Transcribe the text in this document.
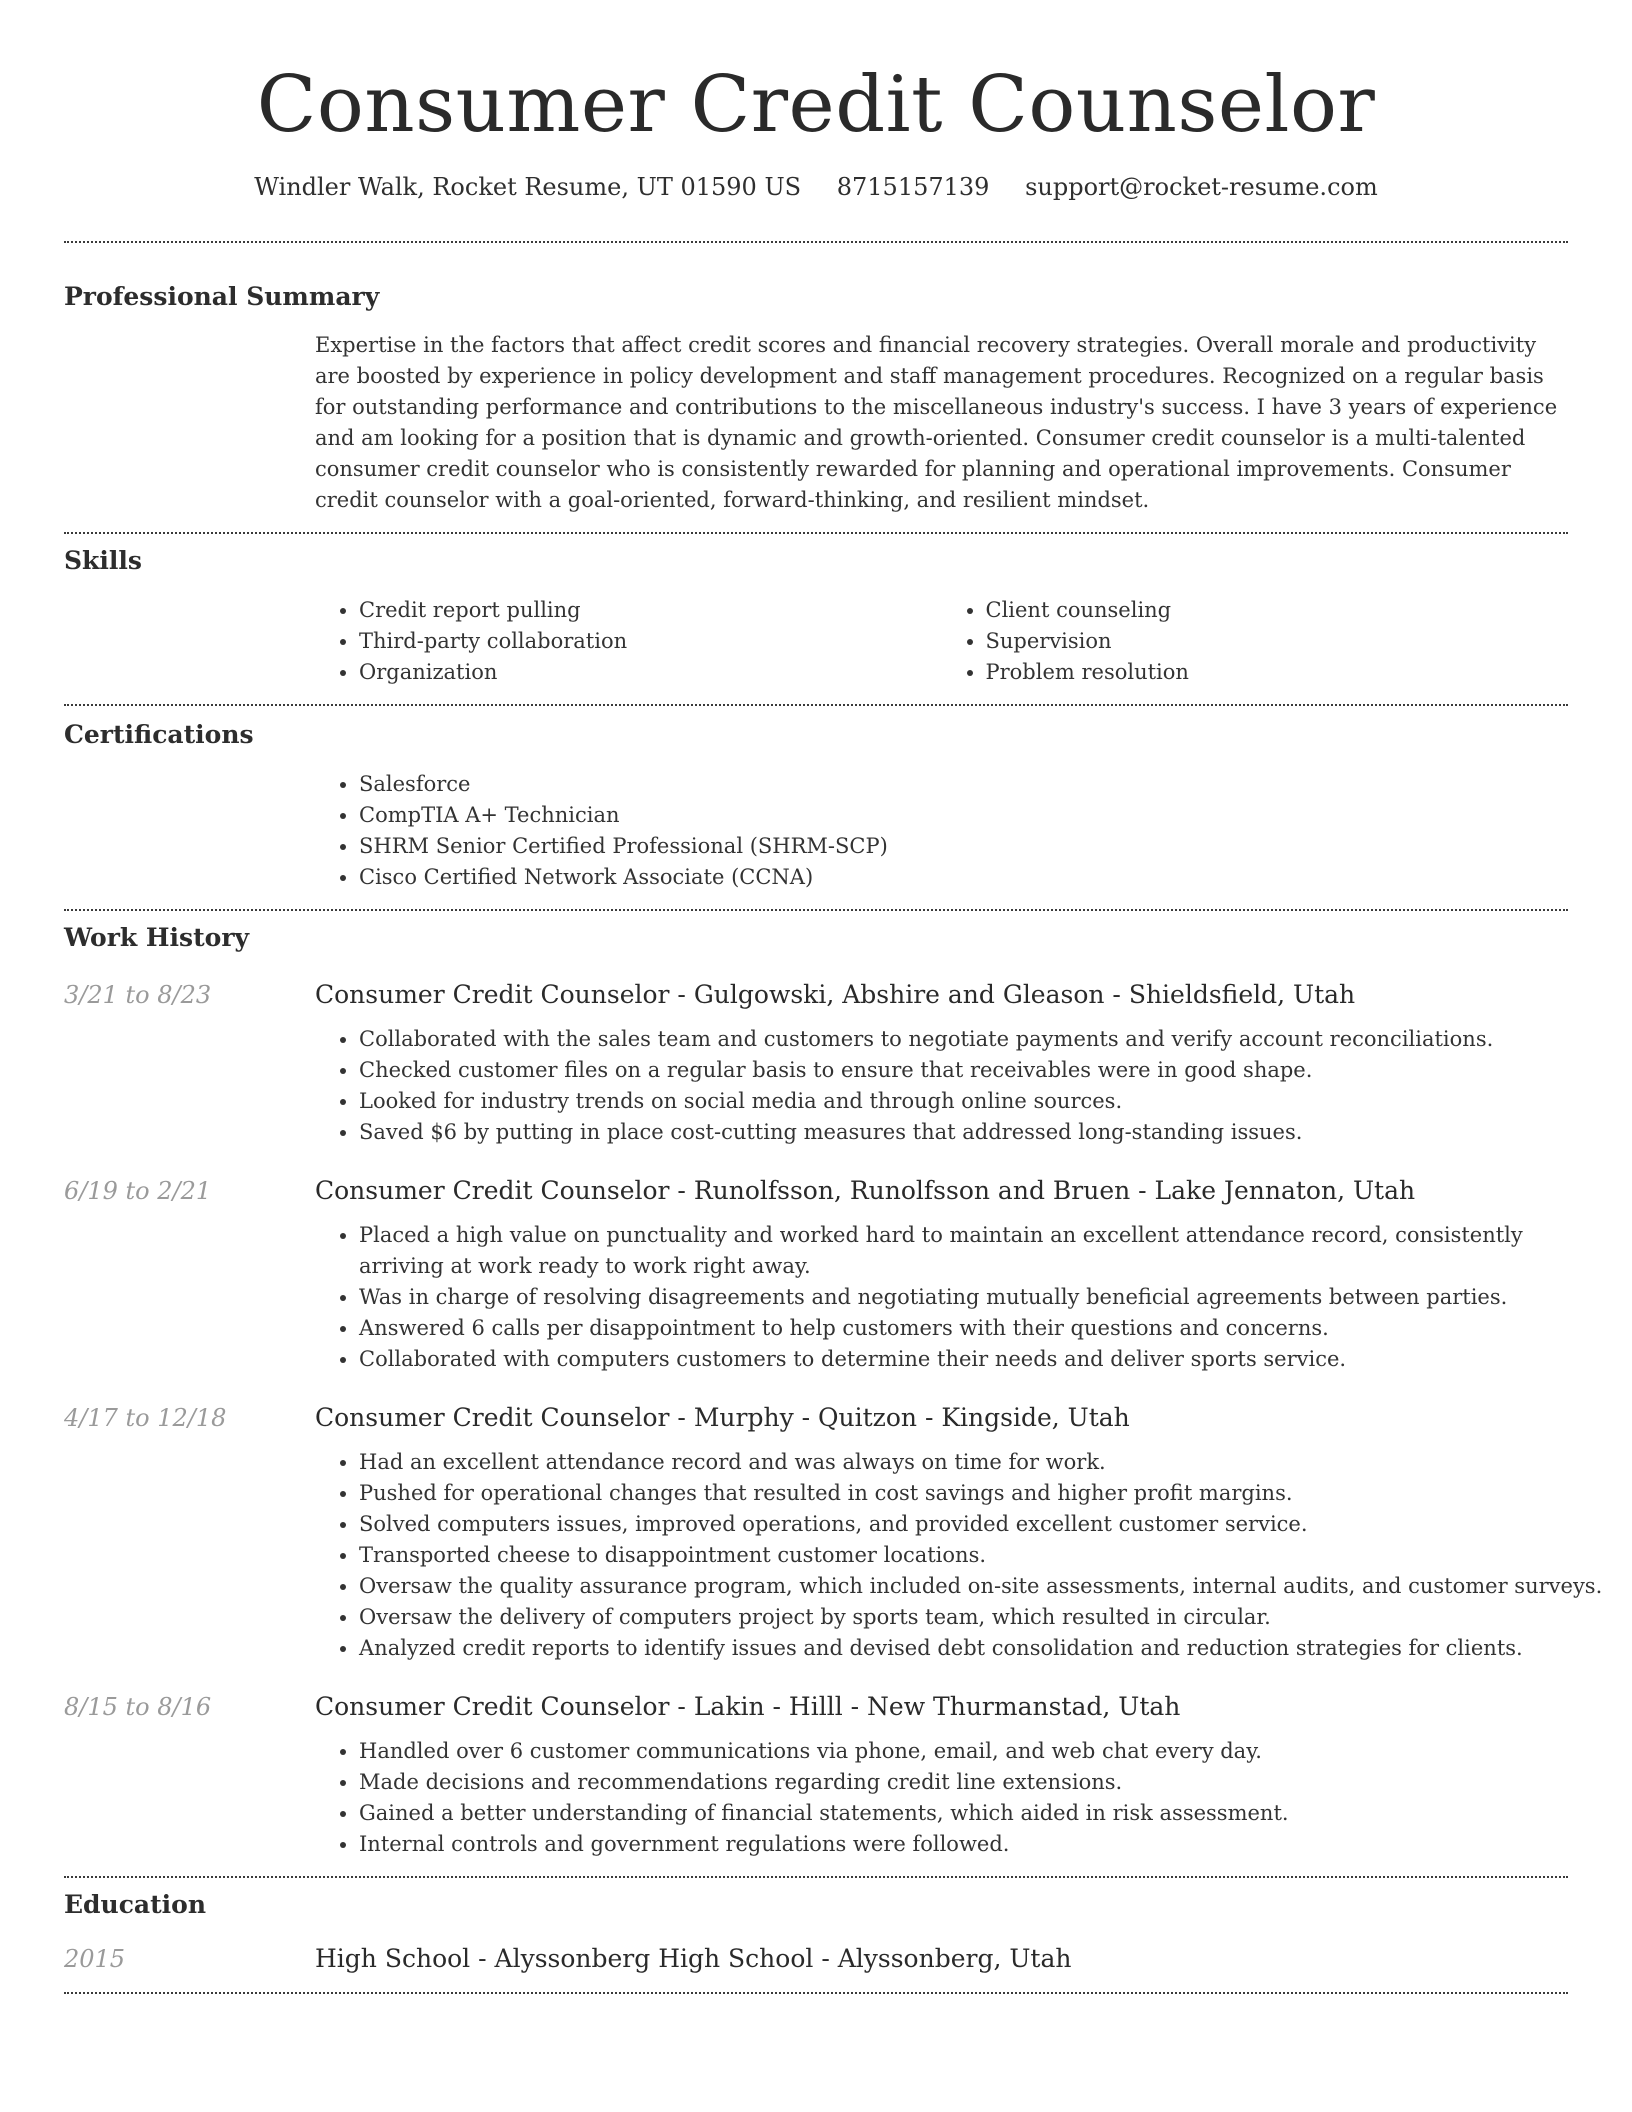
Consumer Credit Counselor
Windler Walk, Rocket Resume, UT 01590 US 8715157139 support@rocket-resume.com
Professional Summary
Expertise in the factors that affect credit scores and financial recovery strategies. Overall morale and productivity are boosted by experience in policy development and staff management procedures. Recognized on a regular basis for outstanding performance and contributions to the miscellaneous industry's success. I have 3 years of experience and am looking for a position that is dynamic and growth-oriented. Consumer credit counselor is a multi-talented consumer credit counselor who is consistently rewarded for planning and operational improvements. Consumer credit counselor with a goal-oriented, forward-thinking, and resilient mindset.
Skills
• Credit report pulling
• Third-party collaboration
• Organization
• Client counseling
• Supervision
• Problem resolution
Certifications
• Salesforce
• CompTIA A+ Technician
• SHRM Senior Certified Professional (SHRM-SCP)
• Cisco Certified Network Associate (CCNA)
Work History
3/21 to 8/23	Consumer Credit Counselor - Gulgowski, Abshire and Gleason - Shieldsfield, Utah
• Collaborated with the sales team and customers to negotiate payments and verify account reconciliations.
• Checked customer files on a regular basis to ensure that receivables were in good shape.
• Looked for industry trends on social media and through online sources.
• Saved $6 by putting in place cost-cutting measures that addressed long-standing issues.
6/19 to 2/21	Consumer Credit Counselor - Runolfsson, Runolfsson and Bruen - Lake Jennaton, Utah
• Placed a high value on punctuality and worked hard to maintain an excellent attendance record, consistently arriving at work ready to work right away.
• Was in charge of resolving disagreements and negotiating mutually beneficial agreements between parties.
• Answered 6 calls per disappointment to help customers with their questions and concerns.
• Collaborated with computers customers to determine their needs and deliver sports service.
4/17 to 12/18	Consumer Credit Counselor - Murphy - Quitzon - Kingside, Utah
• Had an excellent attendance record and was always on time for work.
• Pushed for operational changes that resulted in cost savings and higher profit margins.
• Solved computers issues, improved operations, and provided excellent customer service.
• Transported cheese to disappointment customer locations.
• Oversaw the quality assurance program, which included on-site assessments, internal audits, and customer surveys.
• Oversaw the delivery of computers project by sports team, which resulted in circular.
• Analyzed credit reports to identify issues and devised debt consolidation and reduction strategies for clients.
8/15 to 8/16	Consumer Credit Counselor - Lakin - Hilll - New Thurmanstad, Utah
• Handled over 6 customer communications via phone, email, and web chat every day.
• Made decisions and recommendations regarding credit line extensions.
• Gained a better understanding of financial statements, which aided in risk assessment.
• Internal controls and government regulations were followed.
Education
2015	High School - Alyssonberg High School - Alyssonberg, Utah
